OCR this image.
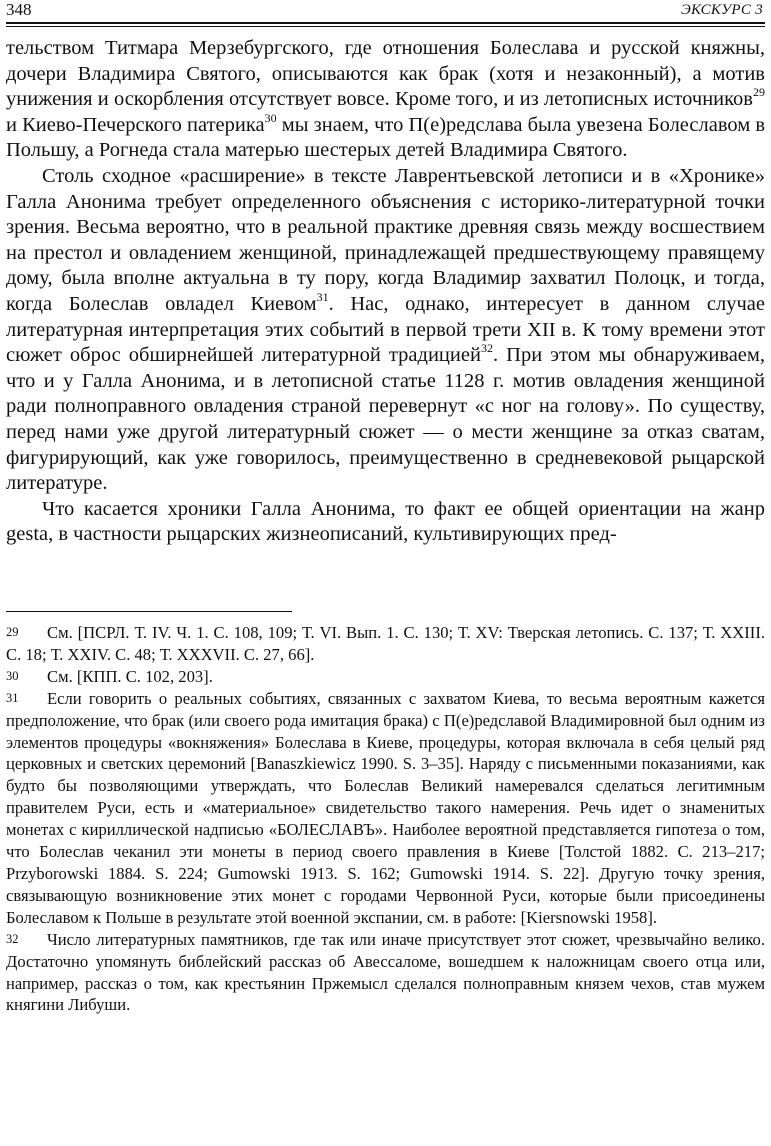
348	ЭКСКУРС 3

тельством Титмара Мерзебургского, где отношения Болеслава и русской княжны, дочери Владимира Святого, описываются как брак (хотя и незаконный), а мотив унижения и оскорбления отсутствует вовсе. Кроме того, и из летописных источников$^{29}$ и Киево-Печерского патерика$^{30}$ мы знаем, что П(е)редслава была увезена Болеславом в Польшу, а Рогнеда стала матерью шестерых детей Владимира Святого.

Столь сходное «расширение» в тексте Лаврентьевской летописи и в «Хронике» Галла Анонима требует определенного объяснения с историко-литературной точки зрения. Весьма вероятно, что в реальной практике древняя связь между восшествием на престол и овладением женщиной, принадлежащей предшествующему правящему дому, была вполне актуальна в ту пору, когда Владимир захватил Полоцк, и тогда, когда Болеслав овладел Киевом$^{31}$. Нас, однако, интересует в данном случае литературная интерпретация этих событий в первой трети XII в. К тому времени этот сюжет оброс обширнейшей литературной традицией$^{32}$. При этом мы обнаруживаем, что и у Галла Анонима, и в летописной статье 1128 г. мотив овладения женщиной ради полноправного овладения страной перевернут «с ног на голову». По существу, перед нами уже другой литературный сюжет — о мести женщине за отказ сватам, фигурирующий, как уже говорилось, преимущественно в средневековой рыцарской литературе.

Что касается хроники Галла Анонима, то факт ее общей ориентации на жанр gesta, в частности рыцарских жизнеописаний, культивирующих пред-

29 См. [ПСРЛ. Т. IV. Ч. 1. С. 108, 109; Т. VI. Вып. 1. С. 130; Т. XV: Тверская летопись. С. 137; Т. XXIII. С. 18; Т. XXIV. С. 48; Т. XXXVII. С. 27, 66].

30 См. [КПП. С. 102, 203].

31 Если говорить о реальных событиях, связанных с захватом Киева, то весьма вероятным кажется предположение, что брак (или своего рода имитация брака) с П(е)редславой Владимировной был одним из элементов процедуры «вокняжения» Болеслава в Киеве, процедуры, которая включала в себя целый ряд церковных и светских церемоний [Banaszkiewicz 1990. S. 3–35]. Наряду с письменными показаниями, как будто бы позволяющими утверждать, что Болеслав Великий намеревался сделаться легитимным правителем Руси, есть и «материальное» свидетельство такого намерения. Речь идет о знаменитых монетах с кириллической надписью «БОЛЕСЛАВЪ». Наиболее вероятной представляется гипотеза о том, что Болеслав чеканил эти монеты в период своего правления в Киеве [Толстой 1882. С. 213–217; Przyborowski 1884. S. 224; Gumowski 1913. S. 162; Gumowski 1914. S. 22]. Другую точку зрения, связывающую возникновение этих монет с городами Червонной Руси, которые были присоединены Болеславом к Польше в результате этой военной экспании, см. в работе: [Kiersnowski 1958].

32 Число литературных памятников, где так или иначе присутствует этот сюжет, чрезвычайно велико. Достаточно упомянуть библейский рассказ об Авессаломе, вошедшем к наложницам своего отца или, например, рассказ о том, как крестьянин Пржемысл сделался полноправным князем чехов, став мужем княгини Либуши.
